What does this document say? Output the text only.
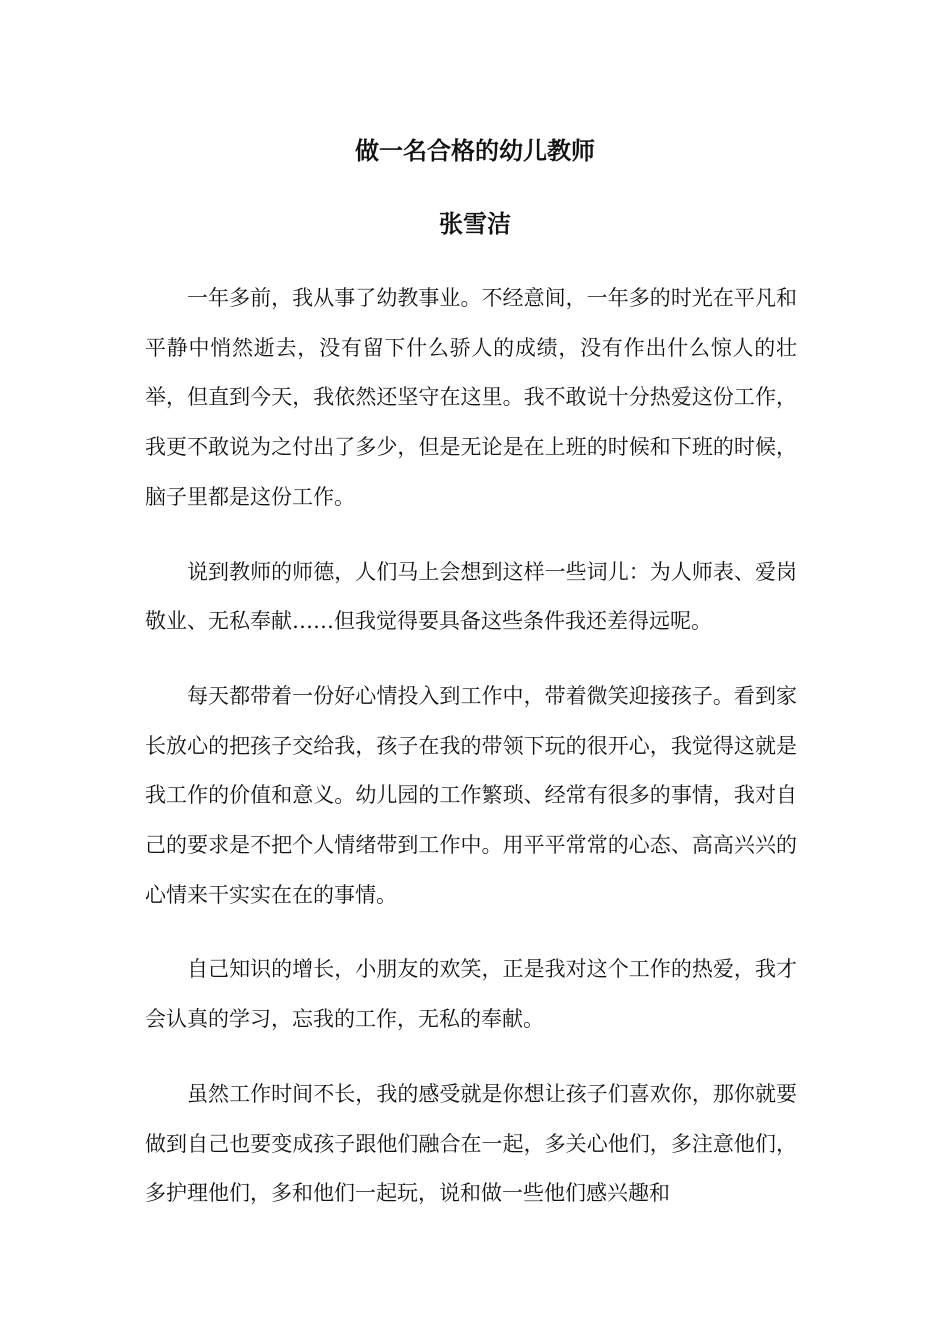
做一名合格的幼儿教师
张雪洁

一年多前，我从事了幼教事业。不经意间，一年多的时光在平凡和平静中悄然逝去，没有留下什么骄人的成绩，没有作出什么惊人的壮举，但直到今天，我依然还坚守在这里。我不敢说十分热爱这份工作，我更不敢说为之付出了多少，但是无论是在上班的时候和下班的时候，脑子里都是这份工作。

说到教师的师德，人们马上会想到这样一些词儿：为人师表、爱岗敬业、无私奉献……但我觉得要具备这些条件我还差得远呢。

每天都带着一份好心情投入到工作中，带着微笑迎接孩子。看到家长放心的把孩子交给我，孩子在我的带领下玩的很开心，我觉得这就是我工作的价值和意义。幼儿园的工作繁琐、经常有很多的事情，我对自己的要求是不把个人情绪带到工作中。用平平常常的心态、高高兴兴的心情来干实实在在的事情。

自己知识的增长，小朋友的欢笑，正是我对这个工作的热爱，我才会认真的学习，忘我的工作，无私的奉献。

虽然工作时间不长，我的感受就是你想让孩子们喜欢你，那你就要做到自己也要变成孩子跟他们融合在一起，多关心他们，多注意他们，多护理他们，多和他们一起玩，说和做一些他们感兴趣和
